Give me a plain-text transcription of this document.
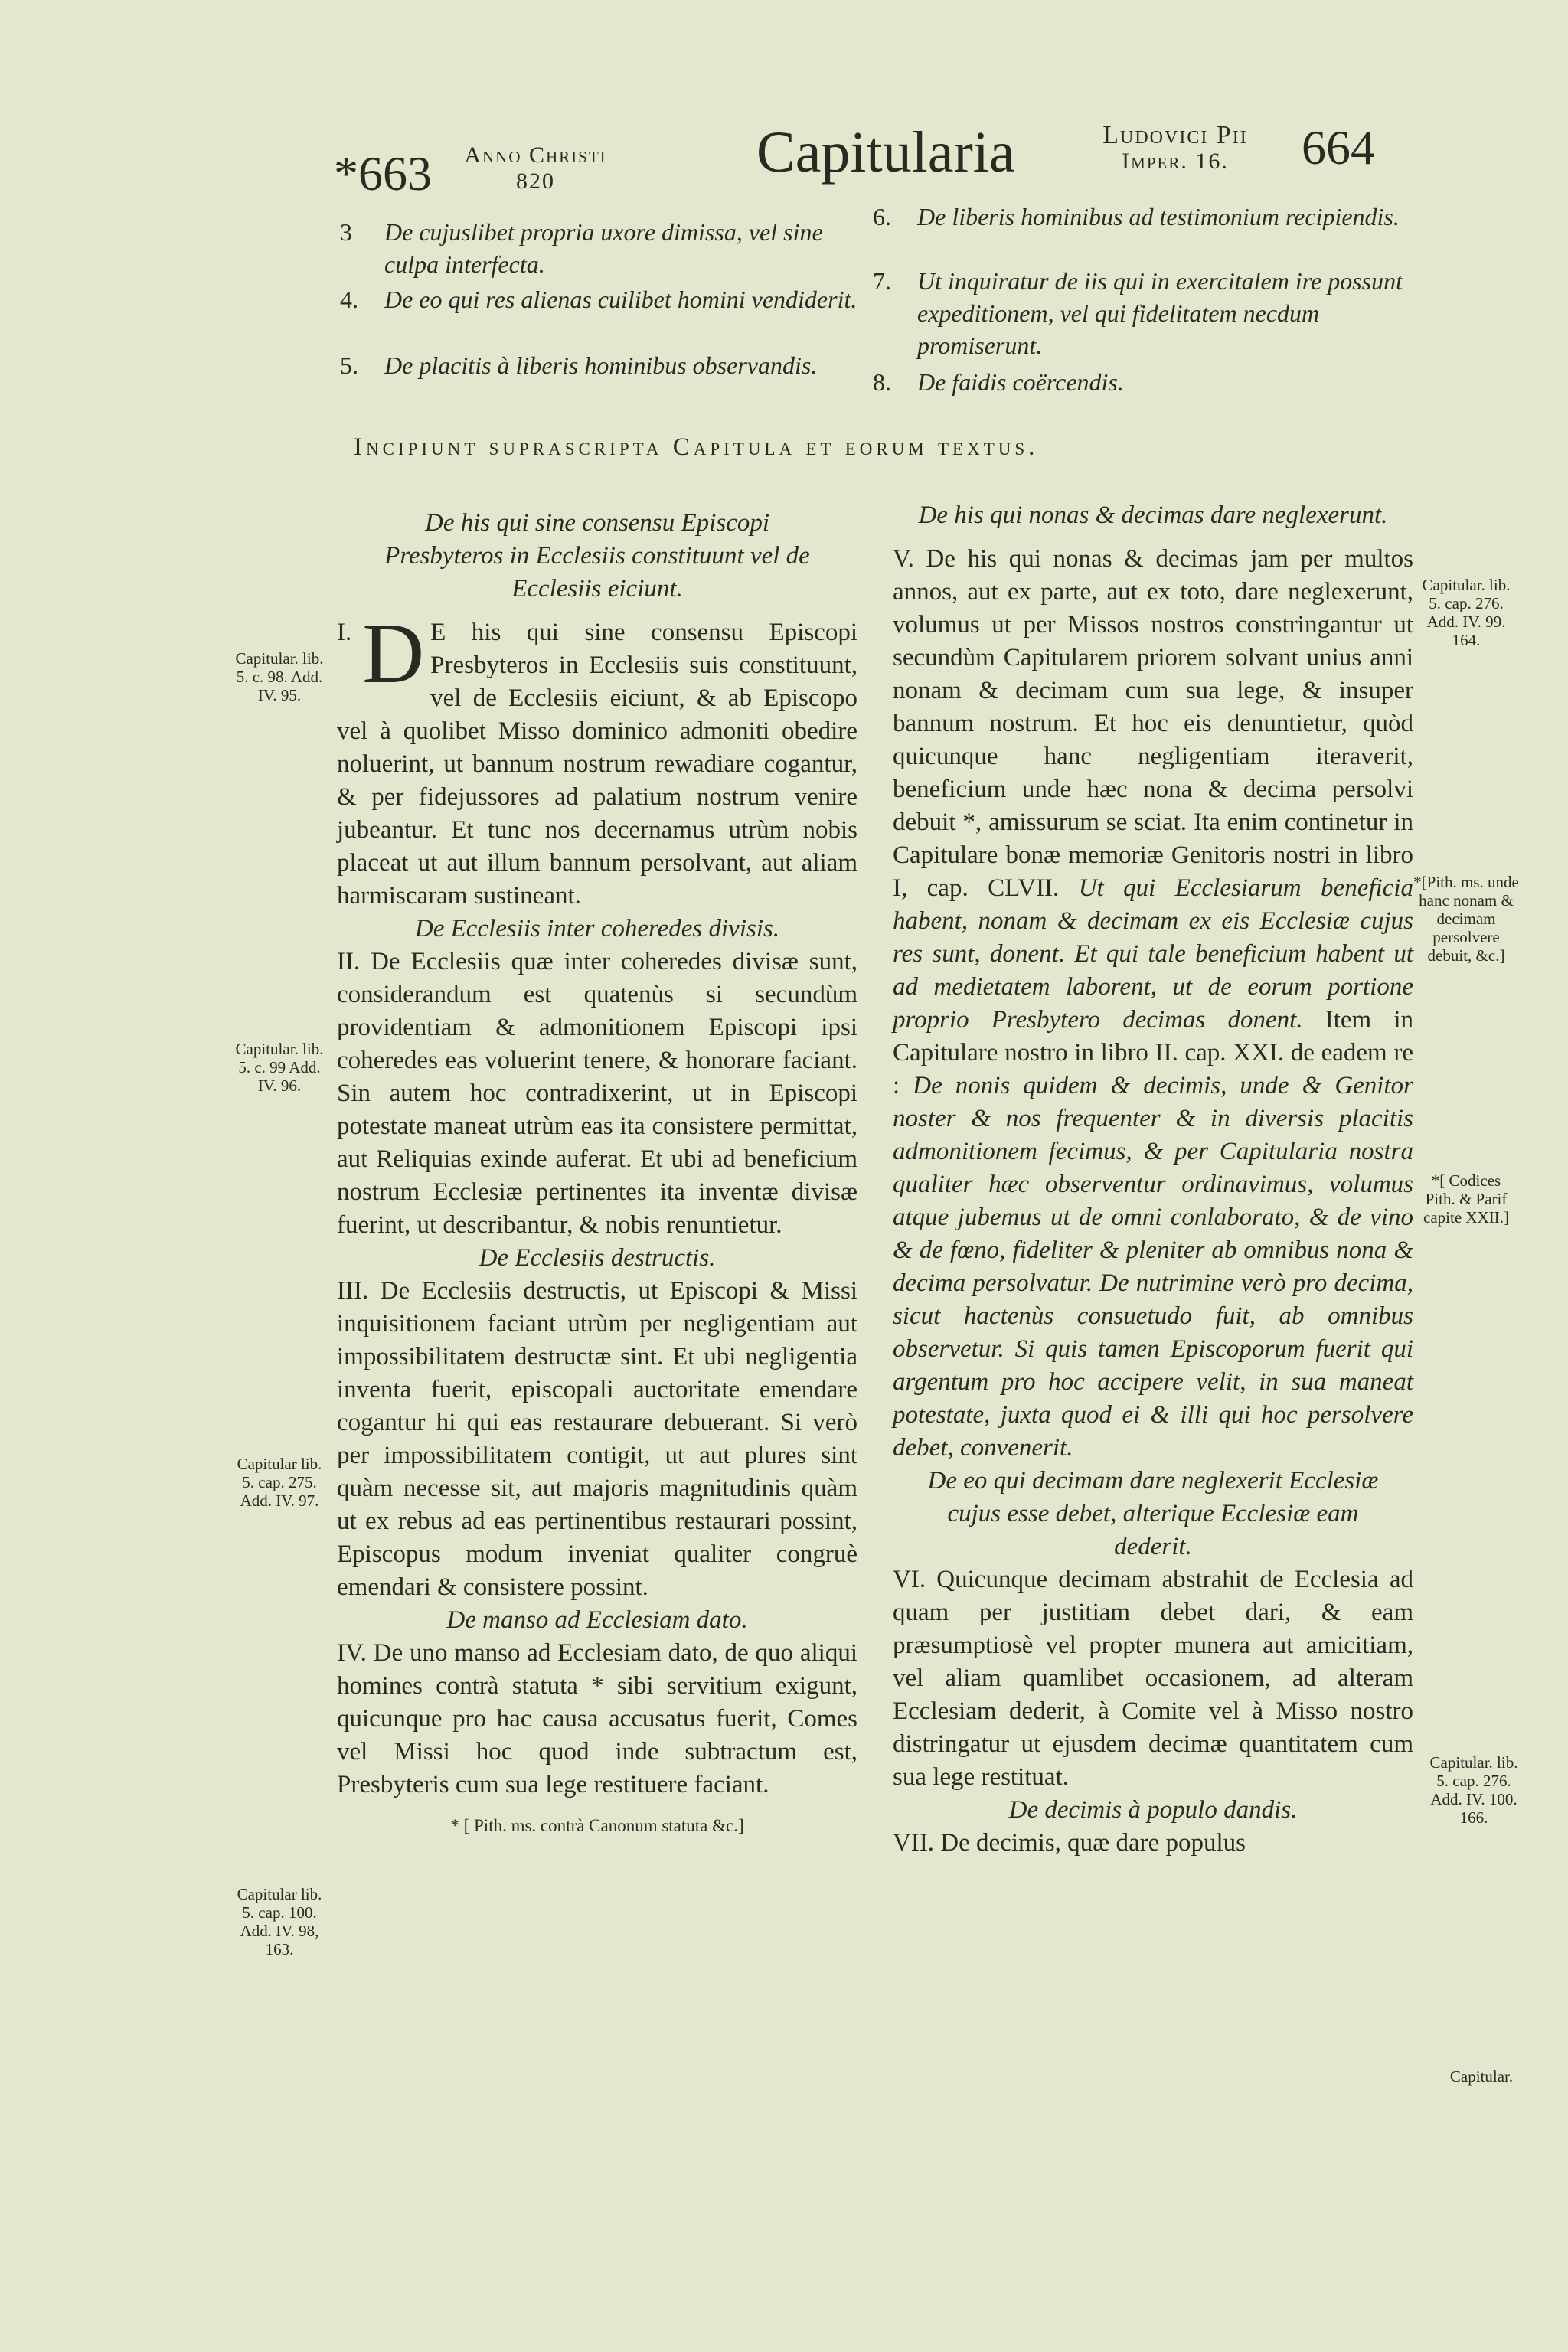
*663	Anno Christi
820	Capitularia	Ludovici Pii
Imper. 16.	664
3 De cujuslibet propria uxore dimissa, vel sine culpa interfecta.
4. De eo qui res alienas cuilibet homini vendiderit.
5. De placitis à liberis hominibus observandis.
6. De liberis hominibus ad testimonium recipiendis.
7. Ut inquiratur de iis qui in exercitalem ire possunt expeditionem, vel qui fidelitatem necdum promiserunt.
8. De faidis coërcendis.
Incipiunt suprascripta Capitula et eorum textus.

De his qui sine consensu Episcopi Presbyteros in Ecclesiis constituunt vel de Ecclesiis eiciunt.

I. D E his qui sine consensu Episcopi Presbyteros in Ecclesiis suis constituunt, vel de Ecclesiis eiciunt, & ab Episcopo vel à quolibet Misso dominico admoniti obedire noluerint, ut bannum nostrum rewadiare cogantur, & per fidejussores ad palatium nostrum venire jubeantur. Et tunc nos decernamus utrùm nobis placeat ut aut illum bannum persolvant, aut aliam harmiscaram sustineant.

De Ecclesiis inter coheredes divisis.

II. De Ecclesiis quæ inter coheredes divisæ sunt, considerandum est quatenùs si secundùm providentiam & admonitionem Episcopi ipsi coheredes eas voluerint tenere, & honorare faciant. Sin autem hoc contradixerint, ut in Episcopi potestate maneat utrùm eas ita consistere permittat, aut Reliquias exinde auferat. Et ubi ad beneficium nostrum Ecclesiæ pertinentes ita inventæ divisæ fuerint, ut describantur, & nobis renuntietur.

De Ecclesiis destructis.

III. De Ecclesiis destructis, ut Episcopi & Missi inquisitionem faciant utrùm per negligentiam aut impossibilitatem destructæ sint. Et ubi negligentia inventa fuerit, episcopali auctoritate emendare cogantur hi qui eas restaurare debuerant. Si verò per impossibilitatem contigit, ut aut plures sint quàm necesse sit, aut majoris magnitudinis quàm ut ex rebus ad eas pertinentibus restaurari possint, Episcopus modum inveniat qualiter congruè emendari & consistere possint.

De manso ad Ecclesiam dato.

IV. De uno manso ad Ecclesiam dato, de quo aliqui homines contrà statuta * sibi servitium exigunt, quicunque pro hac causa accusatus fuerit, Comes vel Missi hoc quod inde subtractum est, Presbyteris cum sua lege restituere faciant.

* [ Pith. ms. contrà Canonum statuta &c.]

De his qui nonas & decimas dare neglexerunt.

V. De his qui nonas & decimas jam per multos annos, aut ex parte, aut ex toto, dare neglexerunt, volumus ut per Missos nostros constringantur ut secundùm Capitularem priorem solvant unius anni nonam & decimam cum sua lege, & insuper bannum nostrum. Et hoc eis denuntietur, quòd quicunque hanc negligentiam iteraverit, beneficium unde hæc nona & decima persolvi debuit *, amissurum se sciat. Ita enim continetur in Capitulare bonæ memoriæ Genitoris nostri in libro I, cap. CLVII. Ut qui Ecclesiarum beneficia habent, nonam & decimam ex eis Ecclesiæ cujus res sunt, donent. Et qui tale beneficium habent ut ad medietatem laborent, ut de eorum portione proprio Presbytero decimas donent. Item in Capitulare nostro in libro II. cap. XXI. de eadem re : De nonis quidem & decimis, unde & Genitor noster & nos frequenter & in diversis placitis admonitionem fecimus, & per Capitularia nostra qualiter hæc observentur ordinavimus, volumus atque jubemus ut de omni conlaborato, & de vino & de fœno, fideliter & pleniter ab omnibus nona & decima persolvatur. De nutrimine verò pro decima, sicut hactenùs consuetudo fuit, ab omnibus observetur. Si quis tamen Episcoporum fuerit qui argentum pro hoc accipere velit, in sua maneat potestate, juxta quod ei & illi qui hoc persolvere debet, convenerit.

De eo qui decimam dare neglexerit Ecclesiæ cujus esse debet, alterique Ecclesiæ eam dederit.

VI. Quicunque decimam abstrahit de Ecclesia ad quam per justitiam debet dari, & eam præsumptiosè vel propter munera aut amicitiam, vel aliam quamlibet occasionem, ad alteram Ecclesiam dederit, à Comite vel à Misso nostro distringatur ut ejusdem decimæ quantitatem cum sua lege restituat.

De decimis à populo dandis.

VII. De decimis, quæ dare populus

Capitular. lib. 5. c. 98. Add. IV. 95.
Capitular. lib. 5. c. 99 Add. IV. 96.
Capitular lib. 5. cap. 275. Add. IV. 97.
Capitular lib. 5. cap. 100. Add. IV. 98, 163.
Capitular. lib. 5. cap. 276. Add. IV. 99. 164.
*[Pith. ms. unde hanc nonam & decimam persolvere debuit, &c.]
*[ Codices Pith. & Parif capite XXII.]
Capitular. lib. 5. cap. 276. Add. IV. 100. 166.
Capitular.
